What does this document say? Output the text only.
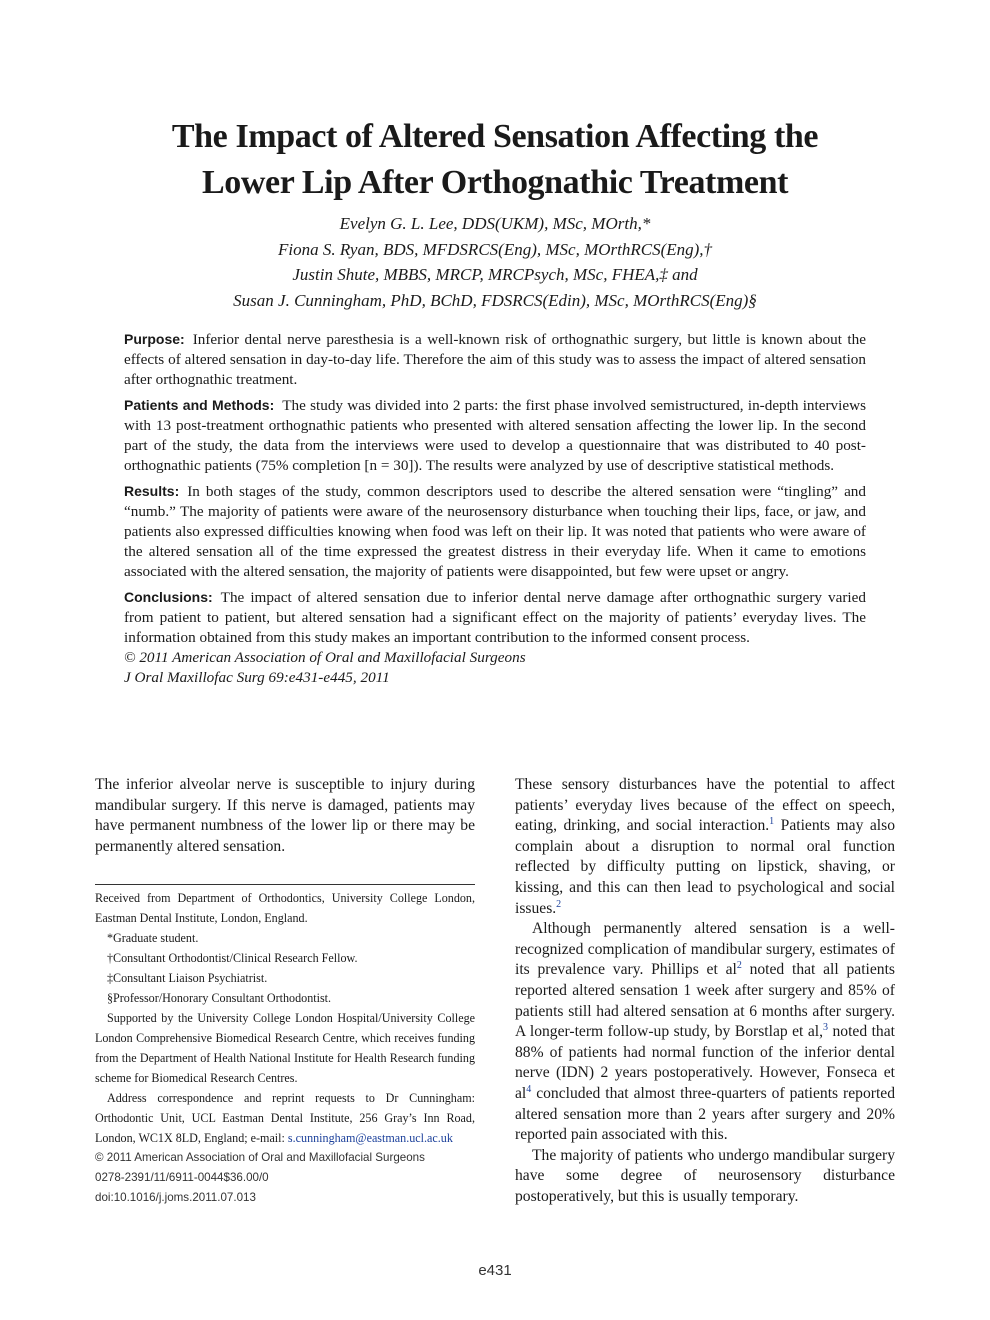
The Impact of Altered Sensation Affecting the
Lower Lip After Orthognathic Treatment
Evelyn G. L. Lee, DDS(UKM), MSc, MOrth,*
Fiona S. Ryan, BDS, MFDSRCS(Eng), MSc, MOrthRCS(Eng),†
Justin Shute, MBBS, MRCP, MRCPsych, MSc, FHEA,‡ and
Susan J. Cunningham, PhD, BChD, FDSRCS(Edin), MSc, MOrthRCS(Eng)§

Purpose: Inferior dental nerve paresthesia is a well-known risk of orthognathic surgery, but little is known about the effects of altered sensation in day-to-day life. Therefore the aim of this study was to assess the impact of altered sensation after orthognathic treatment.

Patients and Methods: The study was divided into 2 parts: the first phase involved semistructured, in-depth interviews with 13 post-treatment orthognathic patients who presented with altered sensation affecting the lower lip. In the second part of the study, the data from the interviews were used to develop a questionnaire that was distributed to 40 post-orthognathic patients (75% completion [n = 30]). The results were analyzed by use of descriptive statistical methods.

Results: In both stages of the study, common descriptors used to describe the altered sensation were “tingling” and “numb.” The majority of patients were aware of the neurosensory disturbance when touching their lips, face, or jaw, and patients also expressed difficulties knowing when food was left on their lip. It was noted that patients who were aware of the altered sensation all of the time expressed the greatest distress in their everyday life. When it came to emotions associated with the altered sensation, the majority of patients were disappointed, but few were upset or angry.

Conclusions: The impact of altered sensation due to inferior dental nerve damage after orthognathic surgery varied from patient to patient, but altered sensation had a significant effect on the majority of patients’ everyday lives. The information obtained from this study makes an important contribution to the informed consent process.

© 2011 American Association of Oral and Maxillofacial Surgeons

J Oral Maxillofac Surg 69:e431-e445, 2011

The inferior alveolar nerve is susceptible to injury during mandibular surgery. If this nerve is damaged, patients may have permanent numbness of the lower lip or there may be permanently altered sensation.

Received from Department of Orthodontics, University College London, Eastman Dental Institute, London, England.

*Graduate student.

†Consultant Orthodontist/Clinical Research Fellow.

‡Consultant Liaison Psychiatrist.

§Professor/Honorary Consultant Orthodontist.

Supported by the University College London Hospital/University College London Comprehensive Biomedical Research Centre, which receives funding from the Department of Health National Institute for Health Research funding scheme for Biomedical Research Centres.

Address correspondence and reprint requests to Dr Cunningham: Orthodontic Unit, UCL Eastman Dental Institute, 256 Gray’s Inn Road, London, WC1X 8LD, England; e-mail: s.cunningham@eastman.ucl.ac.uk

© 2011 American Association of Oral and Maxillofacial Surgeons

0278-2391/11/6911-0044$36.00/0

doi:10.1016/j.joms.2011.07.013

These sensory disturbances have the potential to affect patients’ everyday lives because of the effect on speech, eating, drinking, and social interaction.$^1$ Patients may also complain about a disruption to normal oral function reflected by difficulty putting on lipstick, shaving, or kissing, and this can then lead to psychological and social issues.$^2$

Although permanently altered sensation is a well-recognized complication of mandibular surgery, estimates of its prevalence vary. Phillips et $al^2$ noted that all patients reported altered sensation 1 week after surgery and 85% of patients still had altered sensation at 6 months after surgery. A longer-term follow-up study, by Borstlap et al,$^3$ noted that 88% of patients had normal function of the inferior dental nerve (IDN) 2 years postoperatively. However, Fonseca et $al^4$ concluded that almost three-quarters of patients reported altered sensation more than 2 years after surgery and 20% reported pain associated with this.

The majority of patients who undergo mandibular surgery have some degree of neurosensory disturbance postoperatively, but this is usually temporary.

e431
